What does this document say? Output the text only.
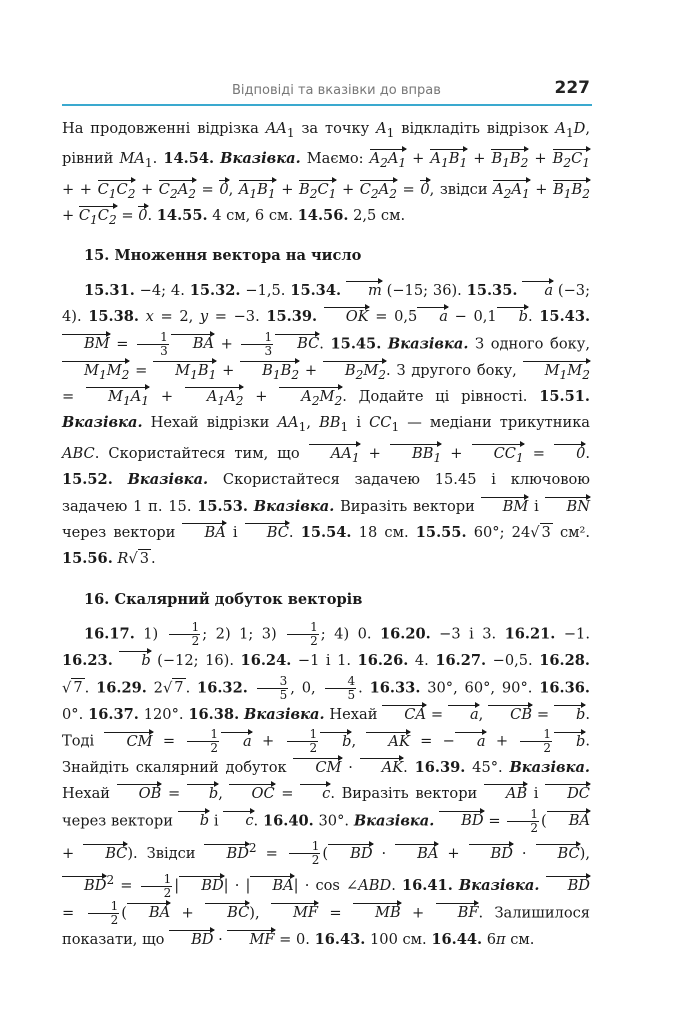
Відповіді та вказівки до вправ	227

На продовженні відрізка $AA_1$ за точку $A_1$ відкладіть відрізок $A_1D$, рівний $MA_1$. 14.54. Вказівка. Маємо: $A_2A_1 + A_1B_1 + B_1B_2 + B_2C_1$ + + $C_1C_2 + C_2A_2 = 0$, $A_1B_1 + B_2C_1 + C_2A_2 = 0$, звідси $A_2A_1 + B_1B_2 + C_1C_2 = 0$. 14.55. 4 см, 6 см. 14.56. 2,5 см.

15. Множення вектора на число

15.31. −4; 4. 15.32. −1,5. 15.34. m (−15; 36). 15.35. a (−3; 4). 15.38. x = 2, y = −3. 15.39. OK = 0,5 a − 0,1 b. 15.43. BM = $\frac{1}{3}$ BA + $\frac{1}{3}$ BC. 15.45. Вказівка. З одного боку, $M_1M_2 = M_1B_1 + B_1B_2 + B_2M_2$. З другого боку, $M_1M_2 = M_1A_1 + A_1A_2 + A_2M_2$. Додайте ці рівності. 15.51. Вказівка. Нехай відрізки $AA_1$, $BB_1$ і $CC_1$ — медіани трикутника ABC. Скористайтеся тим, що $AA_1 + BB_1 + CC_1 = 0$. 15.52. Вказівка. Скористайтеся задачею 15.45 і ключовою задачею 1 п. 15. 15.53. Вказівка. Виразіть вектори BM і BN через вектори BA і BC. 15.54. 18 см. 15.55. 60°; 24√ 3 см². 15.56. R√ 3 .

16. Скалярний добуток векторів

16.17. $1) \frac{1}{2}$ ; 2) 1; $3) \frac{1}{2}$ ; 4) 0. 16.20. −3 і 3. 16.21. −1. 16.23. b (−12; 16). 16.24. −1 і 1. 16.26. 4. 16.27. −0,5. 16.28. √ 7 . 16.29. 2√ 7 . 16.32. $\frac{3}{5}$ , 0, $\frac{4}{5}$ . 16.33. 30°, 60°, 90°. 16.36. 0°. 16.37. 120°. 16.38. Вказівка. Нехай CA = a, CB = b. Тоді CM = $\frac{1}{2}$ $a + \frac{1}{2} b$, AK = − $a + \frac{1}{2} b$. Знайдіть скалярний добуток CM · AK. 16.39. 45°. Вказівка. Нехай OB = b, OC = c. Виразіть вектори AB і DC через вектори b і c. 16.40. 30°. Вказівка. BD = $\frac{1}{2}$ ( BA + BC). Звідси $BD^2 = \frac{1}{2}$ ( BD · BA + BD · BC), $BD^2 = \frac{1}{2}$ | BD| · | BA| · cos ∠ABD. 16.41. Вказівка. BD = $\frac{1}{2}$ ( BA + BC), MF = MB + BF. Залишилося показати, що BD · MF = 0. 16.43. 100 см. 16.44. 6π см.
